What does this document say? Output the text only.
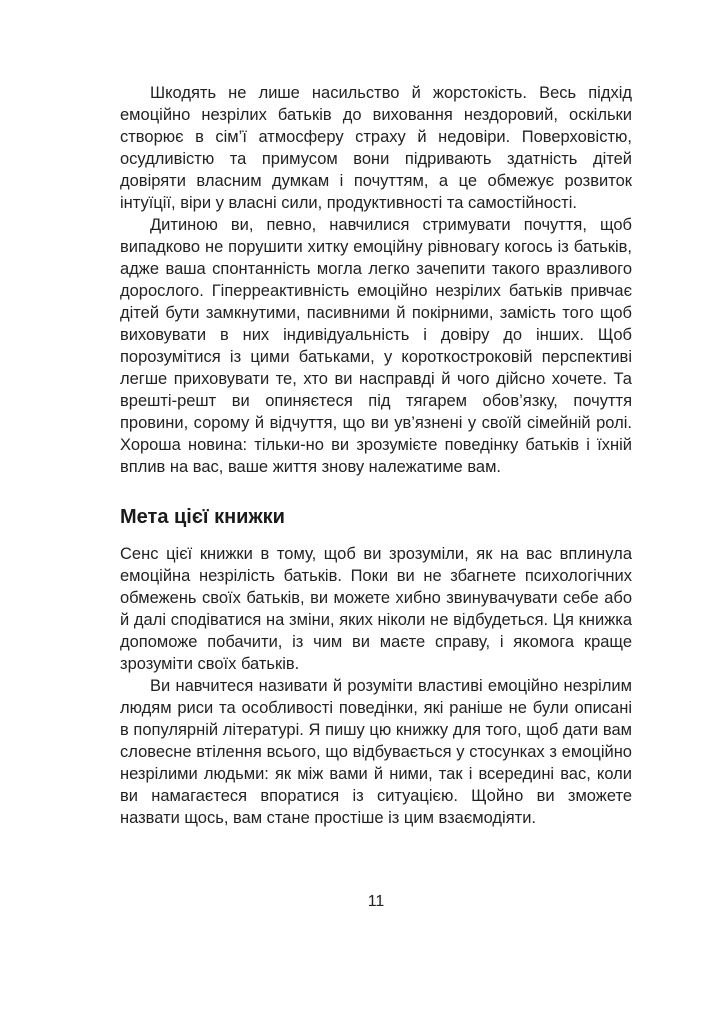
Шкодять не лише насильство й жорстокість. Весь підхід емоційно незрілих батьків до виховання нездоровий, оскільки створює в сім’ї атмосферу страху й недовіри. Поверховістю, осудливістю та примусом вони підривають здатність дітей довіряти власним думкам і почуттям, а це обмежує розвиток інтуїції, віри у власні сили, продуктивності та самостійності.

Дитиною ви, певно, навчилися стримувати почуття, щоб випадково не порушити хитку емоційну рівновагу когось із батьків, адже ваша спонтанність могла легко зачепити такого вразливого дорослого. Гіперреактивність емоційно незрілих батьків привчає дітей бути замкнутими, пасивними й покірними, замість того щоб виховувати в них індивідуальність і довіру до інших. Щоб порозумітися із цими батьками, у короткостроковій перспективі легше приховувати те, хто ви насправді й чого дійсно хочете. Та врешті-решт ви опиняєтеся під тягарем обов’язку, почуття провини, сорому й відчуття, що ви ув’язнені у своїй сімейній ролі. Хороша новина: тільки-но ви зрозумієте поведінку батьків і їхній вплив на вас, ваше життя знову належатиме вам.

Мета цієї книжки

Сенс цієї книжки в тому, щоб ви зрозуміли, як на вас вплинула емоційна незрілість батьків. Поки ви не збагнете психологічних обмежень своїх батьків, ви можете хибно звинувачувати себе або й далі сподіватися на зміни, яких ніколи не відбудеться. Ця книжка допоможе побачити, із чим ви маєте справу, і якомога краще зрозуміти своїх батьків.

Ви навчитеся називати й розуміти властиві емоційно незрілим людям риси та особливості поведінки, які раніше не були описані в популярній літературі. Я пишу цю книжку для того, щоб дати вам словесне втілення всього, що відбувається у стосунках з емоційно незрілими людьми: як між вами й ними, так і всередині вас, коли ви намагаєтеся впоратися із ситуацією. Щойно ви зможете назвати щось, вам стане простіше із цим взаємодіяти.

11
